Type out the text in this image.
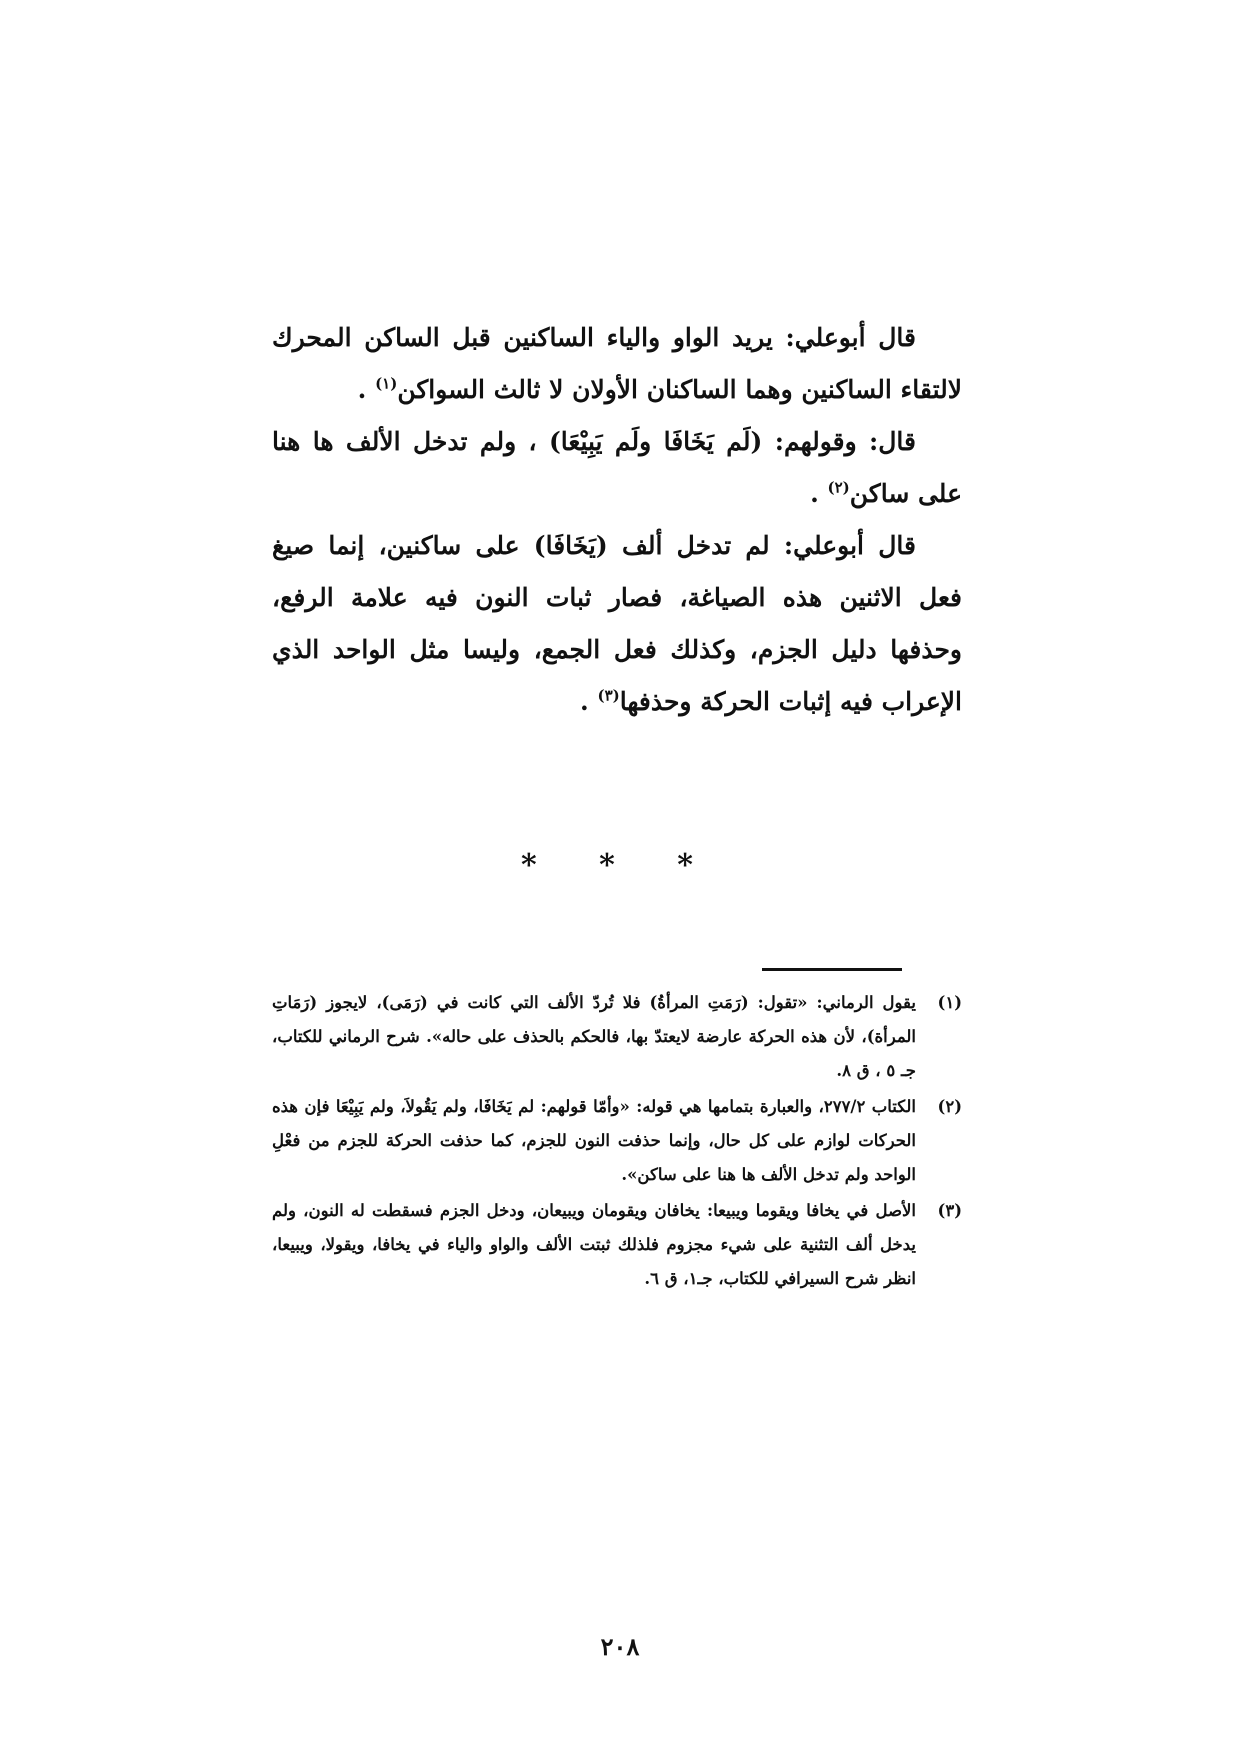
قال أبوعلي: يريد الواو والياء الساكنين قبل الساكن المحرك لالتقاء الساكنين وهما الساكنان الأولان لا ثالث السواكن$^{(١)}$ .

قال: وقولهم: (لَم يَخَافَا ولَم يَبِيْعَا) ، ولم تدخل الألف ها هنا على ساكن$^{(٢)}$ .

قال أبوعلي: لم تدخل ألف (يَخَافَا) على ساكنين، إنما صيغ فعل الاثنين هذه الصياغة، فصار ثبات النون فيه علامة الرفع، وحذفها دليل الجزم، وكذلك فعل الجمع، وليسا مثل الواحد الذي الإعراب فيه إثبات الحركة وحذفها$^{(٣)}$ .

* * *
(١)
يقول الرماني: «تقول: (رَمَتِ المرأةُ) فلا تُردّ الألف التي كانت في (رَمَى)، لايجوز (رَمَاتِ المرأة)، لأن هذه الحركة عارضة لايعتدّ بها، فالحكم بالحذف على حاله». شرح الرماني للكتاب، جـ ٥ ، ق ٨.
(٢)
الكتاب ٢٧٧/٢، والعبارة بتمامها هي قوله: «وأمّا قولهم: لم يَخَافَا، ولم يَقُولاَ، ولم يَبِيْعَا فإن هذه الحركات لوازم على كل حال، وإنما حذفت النون للجزم، كما حذفت الحركة للجزم من فعْلِ الواحد ولم تدخل الألف ها هنا على ساكن».
(٣)
الأصل في يخافا ويقوما ويبيعا: يخافان ويقومان ويبيعان، ودخل الجزم فسقطت له النون، ولم يدخل ألف التثنية على شيء مجزوم فلذلك ثبتت الألف والواو والياء في يخافا، ويقولا، ويبيعا، انظر شرح السيرافي للكتاب، جـ١، ق ٦.
٢٠٨
